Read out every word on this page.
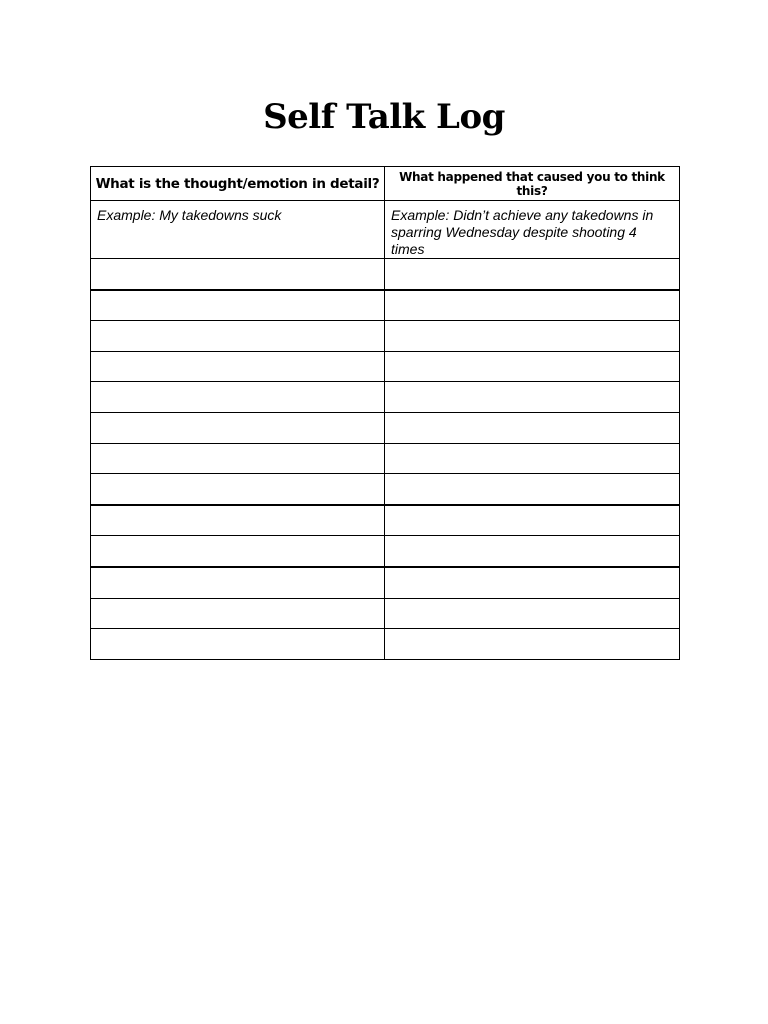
Self Talk Log
What is the thought/emotion in detail?	What happened that caused you to think this?
Example: My takedowns suck	Example: Didn’t achieve any takedowns in sparring Wednesday despite shooting 4 times
